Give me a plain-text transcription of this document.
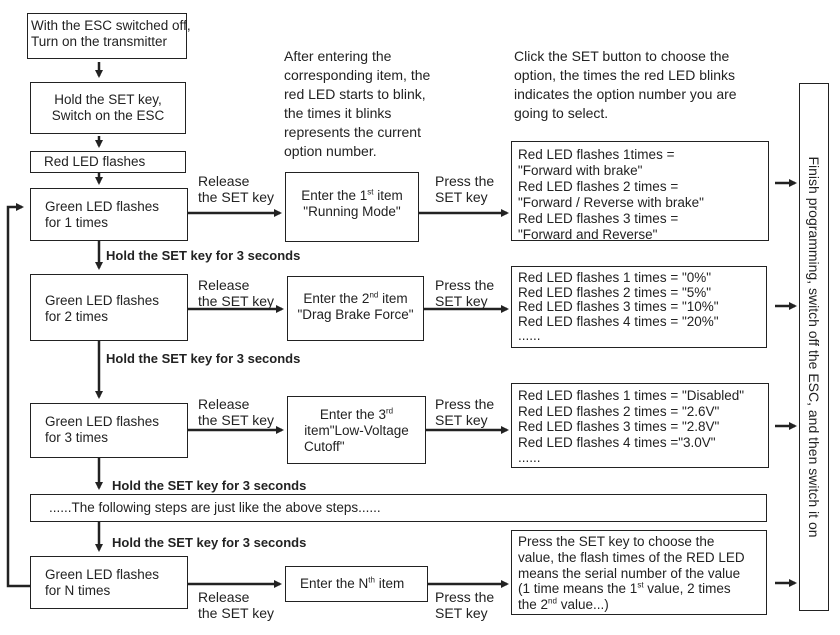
With the ESC switched off,
Turn on the transmitter
Hold the SET key,
Switch on the ESC
Red LED flashes
After entering the
corresponding item, the
red LED starts to blink,
the times it blinks
represents the current
option number.
Click the SET button to choose the
option, the times the red LED blinks
indicates the option number you are
going to select.
Green LED flashes
for 1 times
Release
the SET key	Enter the 1st item
"Running Mode"
Press the
SET key
Red LED flashes 1times =
"Forward with brake"
Red LED flashes 2 times =
"Forward / Reverse with brake"
Red LED flashes 3 times =
"Forward and Reverse"
Hold the SET key for 3 seconds
Green LED flashes
for 2 times
Release
the SET key	Enter the 2nd item
"Drag Brake Force"
Press the
SET key
Red LED flashes 1 times = "0%"
Red LED flashes 2 times = "5%"
Red LED flashes 3 times = "10%"
Red LED flashes 4 times = "20%"
......
Hold the SET key for 3 seconds
Green LED flashes
for 3 times
Release
the SET key	Enter the 3rd
item"Low-Voltage
Cutoff"
Press the
SET key
Red LED flashes 1 times = "Disabled"
Red LED flashes 2 times = "2.6V"
Red LED flashes 3 times = "2.8V"
Red LED flashes 4 times ="3.0V"
......
Hold the SET key for 3 seconds
......The following steps are just like the above steps......
Hold the SET key for 3 seconds
Green LED flashes
for N times	Release
the SET key
Enter the $N^{th}$ item
Press the
SET key
Press the SET key to choose the
value, the flash times of the RED LED
means the serial number of the value
(1 time means the 1st value, 2 times
the 2nd value...)
Finish programming, switch off the ESC, and then switch it on
